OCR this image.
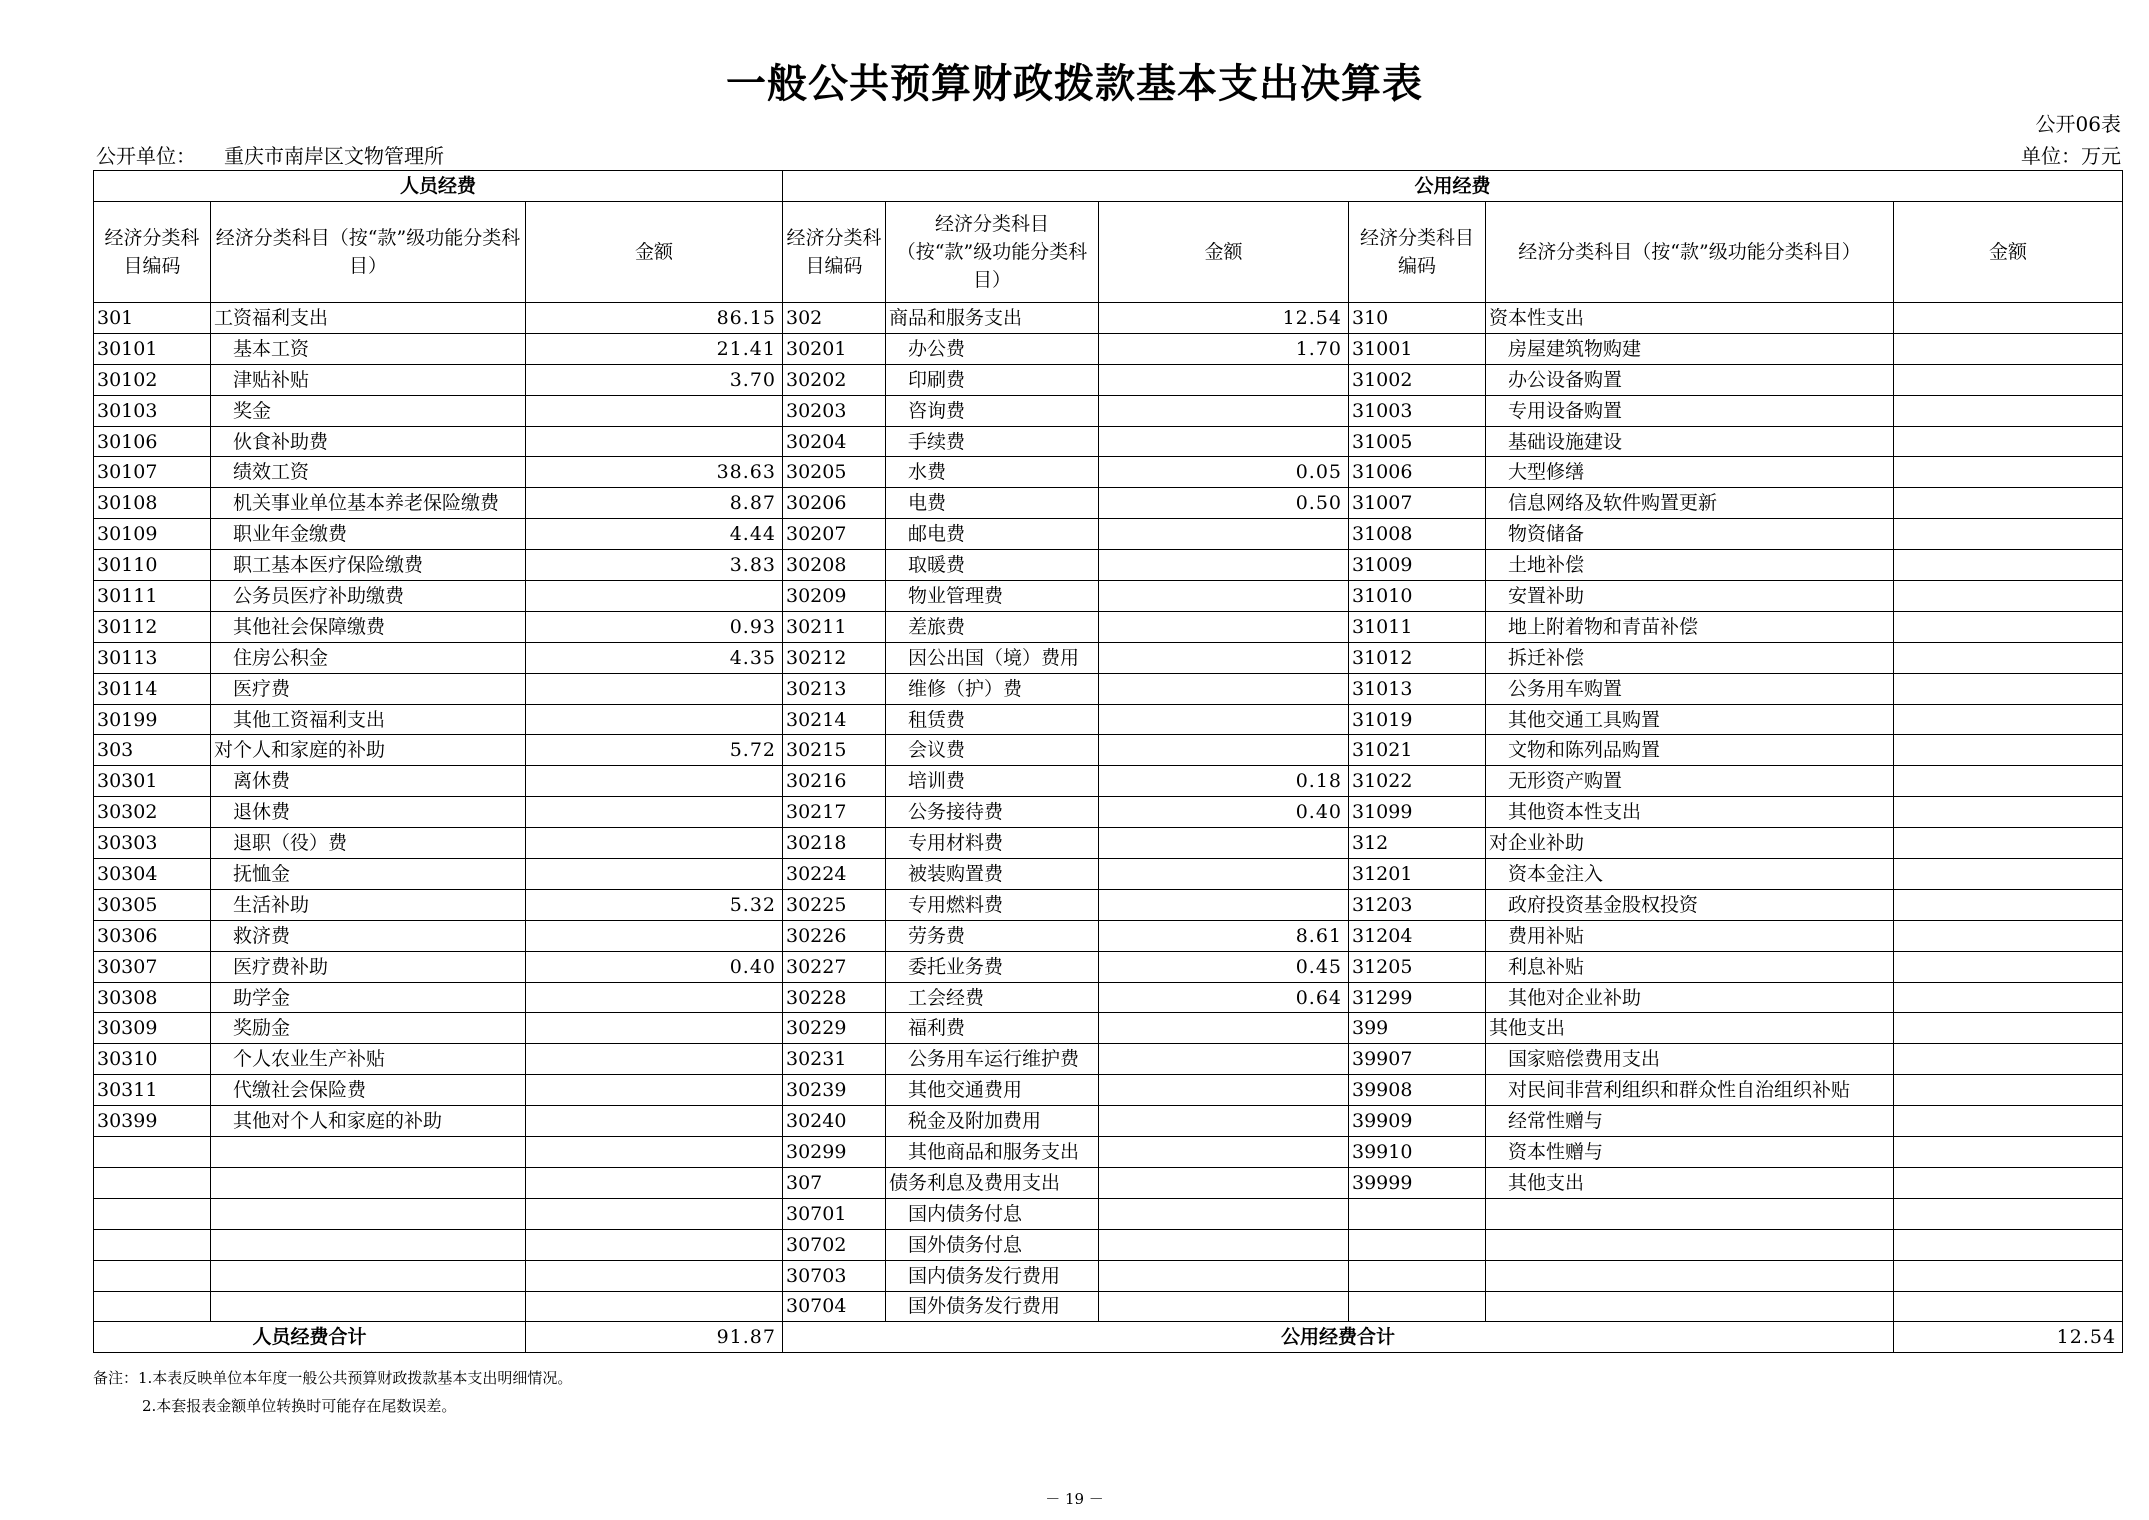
一般公共预算财政拨款基本支出决算表
公开06表
公开单位： 重庆市南岸区文物管理所	单位：万元
人员经费			公用经费					
经济分类科目编码	经济分类科目（按“款”级功能分类科目）	金额	经济分类科目编码	经济分类科目（按“款”级功能分类科目）	金额	经济分类科目编码	经济分类科目（按“款”级功能分类科目）	金额
301	工资福利支出	86.15	302	商品和服务支出	12.54	310	资本性支出	
30101	基本工资	21.41	30201	办公费	1.70	31001	房屋建筑物购建	
30102	津贴补贴	3.70	30202	印刷费		31002	办公设备购置	
30103	奖金		30203	咨询费		31003	专用设备购置	
30106	伙食补助费		30204	手续费		31005	基础设施建设	
30107	绩效工资	38.63	30205	水费	0.05	31006	大型修缮	
30108	机关事业单位基本养老保险缴费	8.87	30206	电费	0.50	31007	信息网络及软件购置更新	
30109	职业年金缴费	4.44	30207	邮电费		31008	物资储备	
30110	职工基本医疗保险缴费	3.83	30208	取暖费		31009	土地补偿	
30111	公务员医疗补助缴费		30209	物业管理费		31010	安置补助	
30112	其他社会保障缴费	0.93	30211	差旅费		31011	地上附着物和青苗补偿	
30113	住房公积金	4.35	30212	因公出国（境）费用		31012	拆迁补偿	
30114	医疗费		30213	维修（护）费		31013	公务用车购置	
30199	其他工资福利支出		30214	租赁费		31019	其他交通工具购置	
303	对个人和家庭的补助	5.72	30215	会议费		31021	文物和陈列品购置	
30301	离休费		30216	培训费	0.18	31022	无形资产购置	
30302	退休费		30217	公务接待费	0.40	31099	其他资本性支出	
30303	退职（役）费		30218	专用材料费		312	对企业补助	
30304	抚恤金		30224	被装购置费		31201	资本金注入	
30305	生活补助	5.32	30225	专用燃料费		31203	政府投资基金股权投资	
30306	救济费		30226	劳务费	8.61	31204	费用补贴	
30307	医疗费补助	0.40	30227	委托业务费	0.45	31205	利息补贴	
30308	助学金		30228	工会经费	0.64	31299	其他对企业补助	
30309	奖励金		30229	福利费		399	其他支出	
30310	个人农业生产补贴		30231	公务用车运行维护费		39907	国家赔偿费用支出	
30311	代缴社会保险费		30239	其他交通费用		39908	对民间非营利组织和群众性自治组织补贴	
30399	其他对个人和家庭的补助		30240	税金及附加费用		39909	经常性赠与	
			30299	其他商品和服务支出		39910	资本性赠与	
			307	债务利息及费用支出		39999	其他支出	
			30701	国内债务付息				
			30702	国外债务付息				
			30703	国内债务发行费用				
			30704	国外债务发行费用				
人员经费合计		91.87	公用经费合计					12.54
备注：1.本表反映单位本年度一般公共预算财政拨款基本支出明细情况。
2.本套报表金额单位转换时可能存在尾数误差。
－ 19 －
